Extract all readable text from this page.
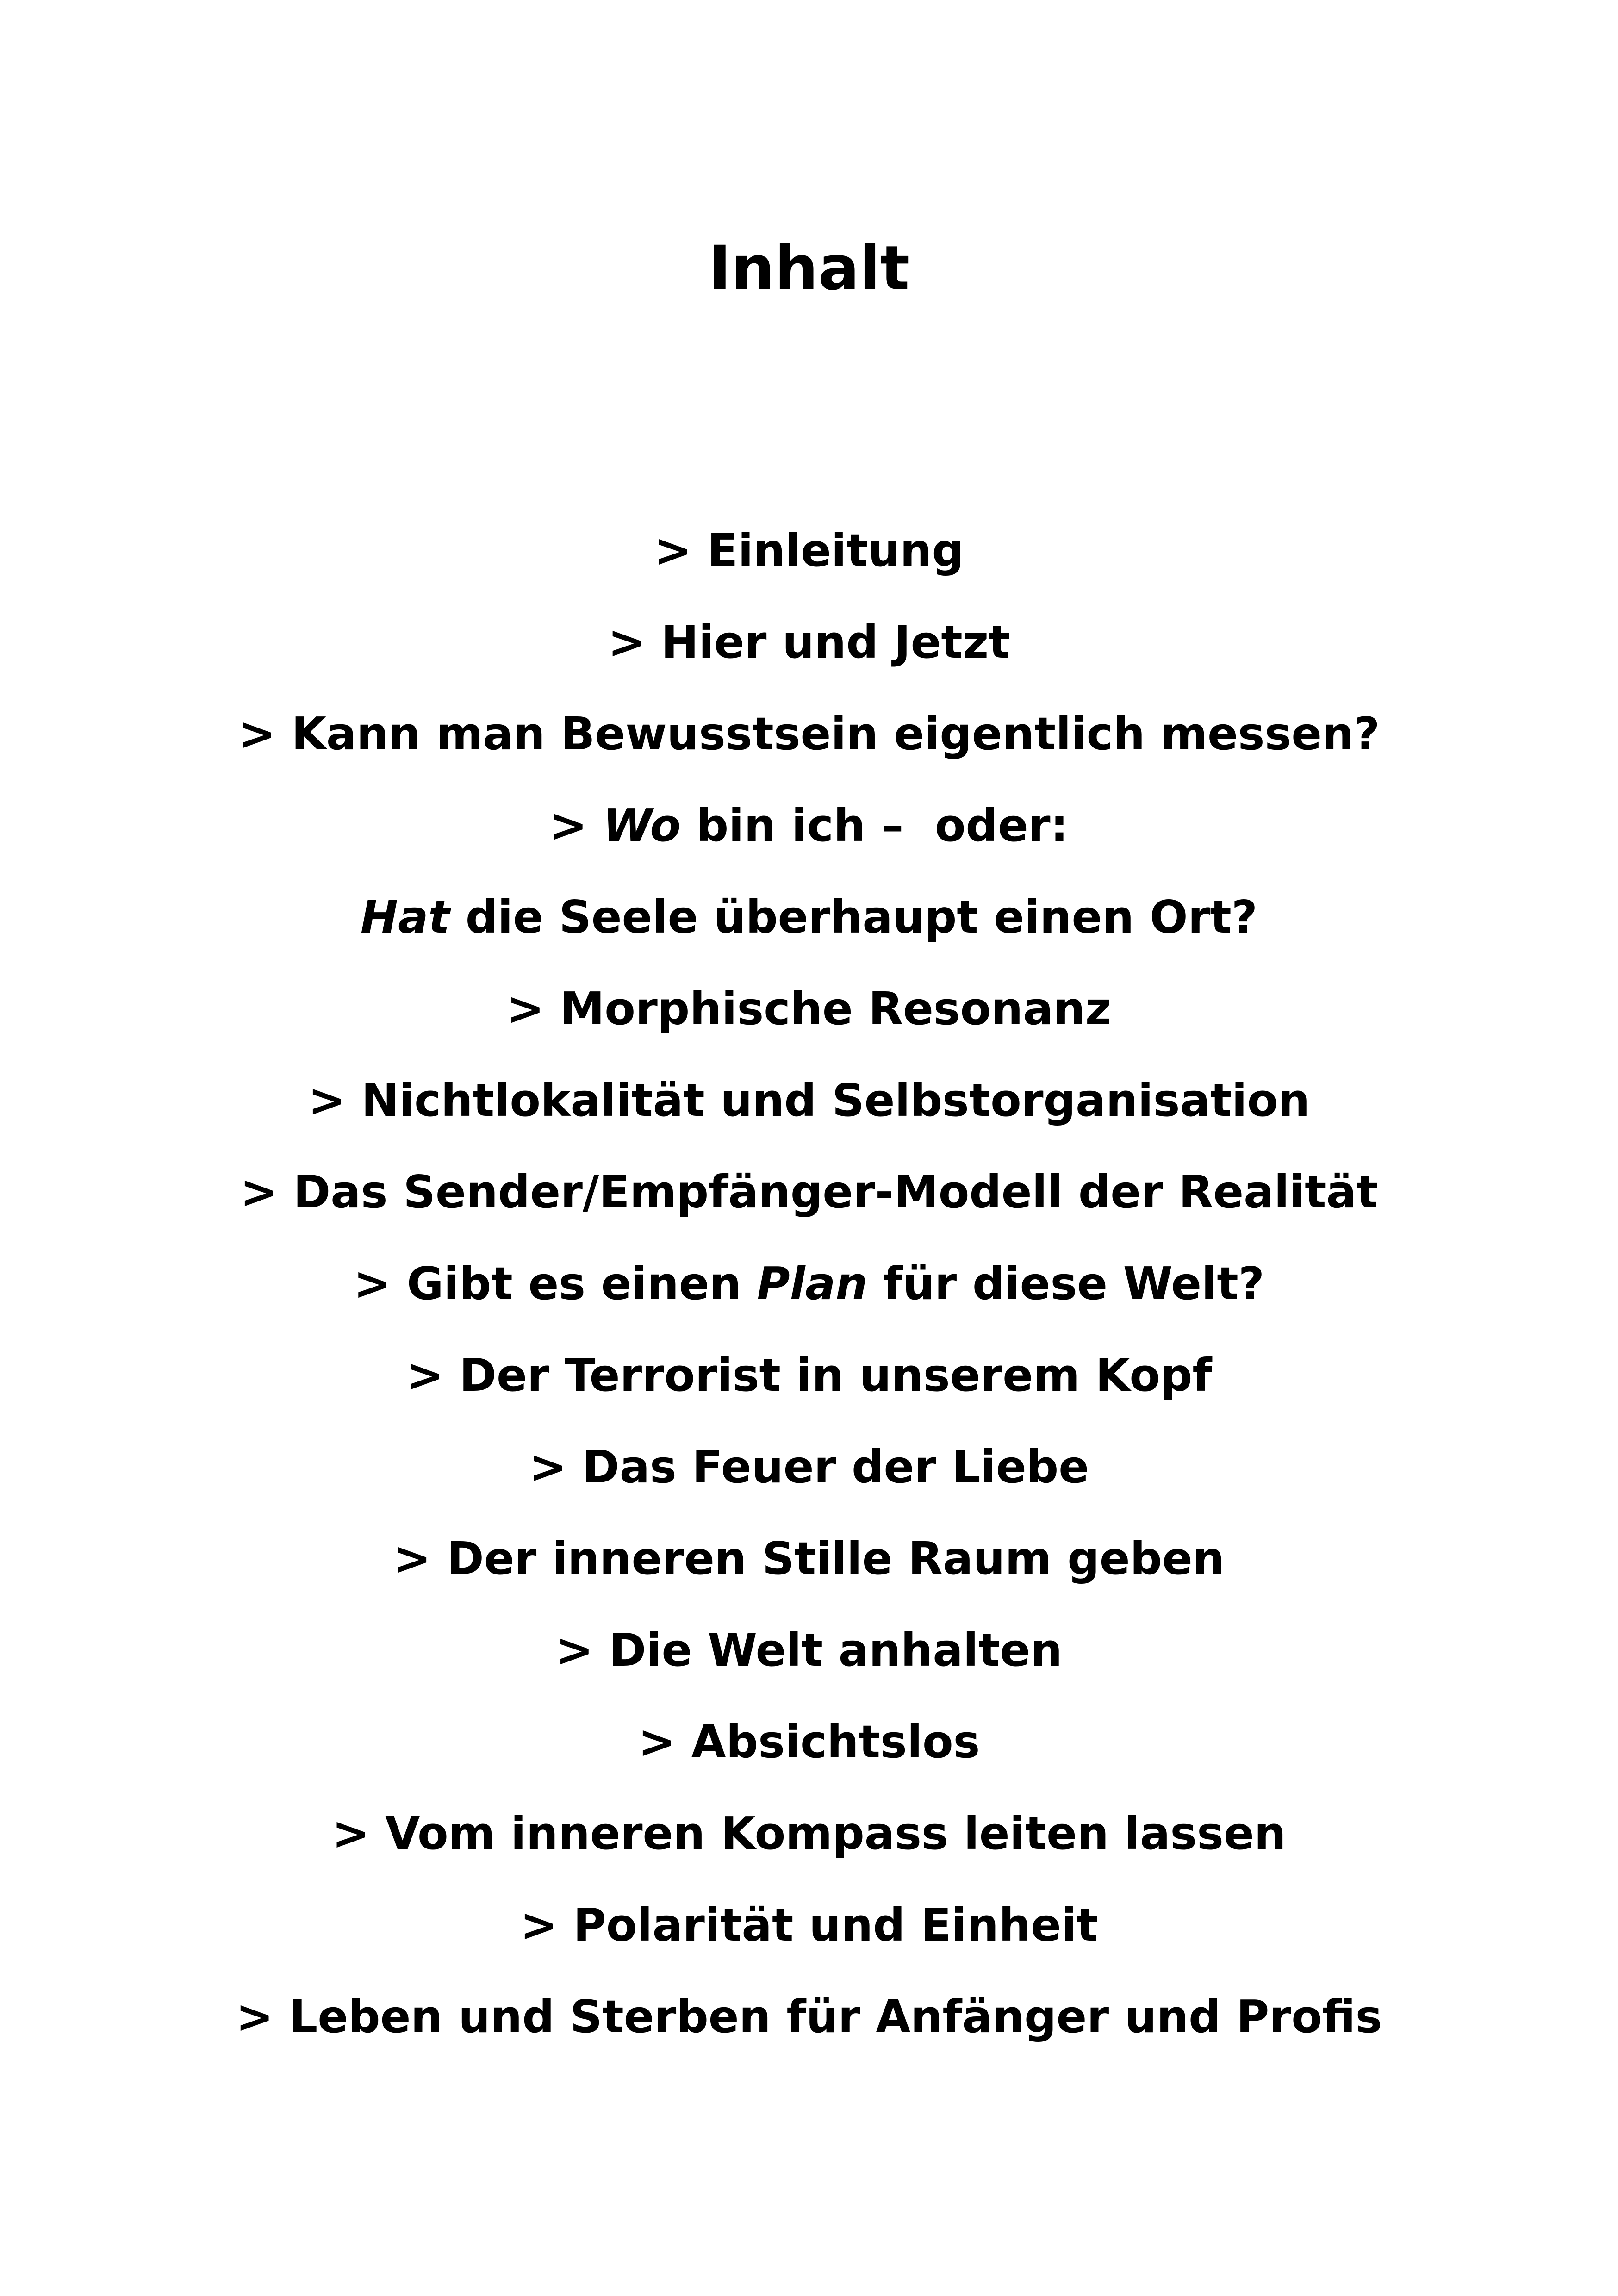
Inhalt
> Einleitung
> Hier und Jetzt
> Kann man Bewusstsein eigentlich messen?
> Wo bin ich –  oder:
Hat die Seele überhaupt einen Ort?
> Morphische Resonanz
> Nichtlokalität und Selbstorganisation
> Das Sender/Empfänger-Modell der Realität
> Gibt es einen Plan für diese Welt?
> Der Terrorist in unserem Kopf
> Das Feuer der Liebe
> Der inneren Stille Raum geben
> Die Welt anhalten
> Absichtslos
> Vom inneren Kompass leiten lassen
> Polarität und Einheit
> Leben und Sterben für Anfänger und Profis
